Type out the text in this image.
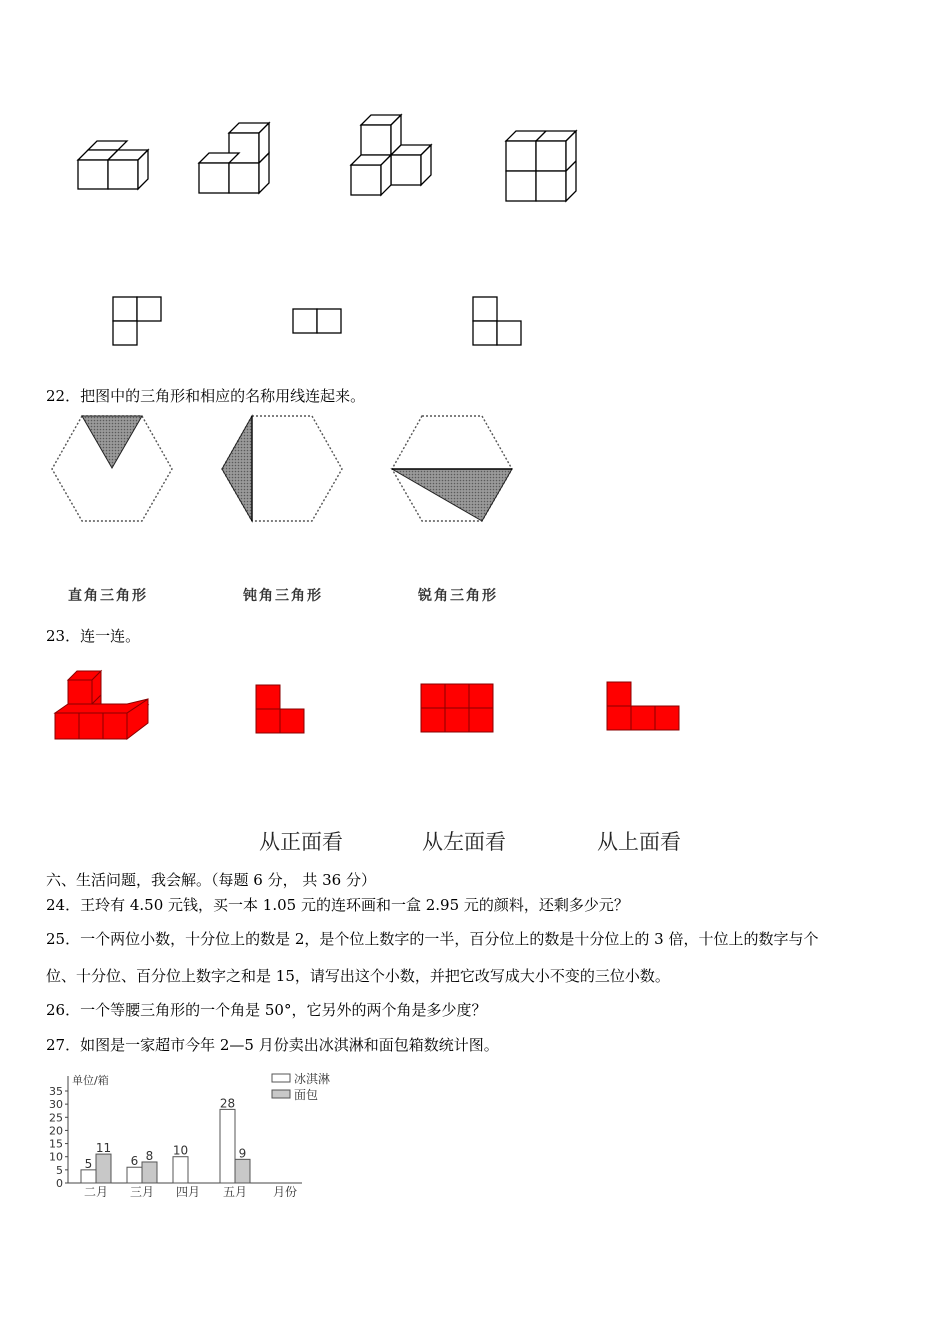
22．把图中的三角形和相应的名称用线连起来。
直角三角形	钝角三角形	锐角三角形
23．连一连。
从正面看	从左面看	从上面看
六、生活问题，我会解。（每题 6 分， 共 36 分）
24．王玲有 4.50 元钱，买一本 1.05 元的连环画和一盒 2.95 元的颜料，还剩多少元？
25．一个两位小数，十分位上的数是 2，是个位上数字的一半，百分位上的数是十分位上的 3 倍，十位上的数字与个
位、十分位、百分位上数字之和是 15，请写出这个小数，并把它改写成大小不变的三位小数。
26．一个等腰三角形的一个角是 50°，它另外的两个角是多少度？
27．如图是一家超市今年 2—5 月份卖出冰淇淋和面包箱数统计图。
单位/箱
0
5
10
15
20
25
30
35
5
11
二月
6 8
三月
10
四月
28
9
五月 月份
冰淇淋
面包
